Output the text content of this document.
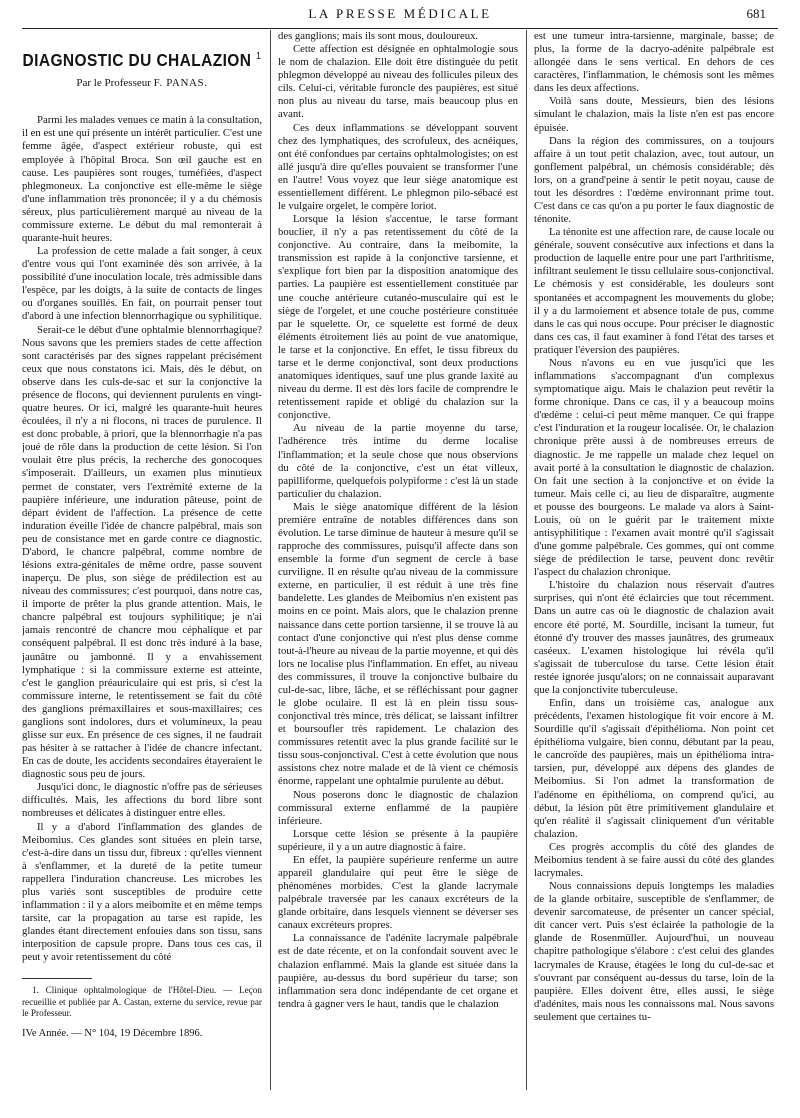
LA PRESSE MÉDICALE	681
DIAGNOSTIC DU CHALAZION $^1$
Par le Professeur F. PANAS.

Parmi les malades venues ce matin à la consultation, il en est une qui présente un intérêt particulier. C'est une femme âgée, d'aspect extérieur robuste, qui est employée à l'hôpital Broca. Son œil gauche est en cause. Les paupières sont rouges, tuméfiées, d'aspect phlegmoneux. La conjonctive est elle-même le siège d'une inflammation très prononcée; il y a du chémosis séreux, plus particulièrement marqué au niveau de la commissure externe. Le début du mal remonterait à quarante-huit heures.

La profession de cette malade a fait songer, à ceux d'entre vous qui l'ont examinée dès son arrivée, à la possibilité d'une inoculation locale, très admissible dans l'espèce, par les doigts, à la suite de contacts de linges ou d'organes souillés. En fait, on pourrait penser tout d'abord à une infection blennorrhagique ou syphilitique.

Serait-ce le début d'une ophtalmie blennorrhagique? Nous savons que les premiers stades de cette affection sont caractérisés par des signes rappelant précisément ceux que nous constatons ici. Mais, dès le début, on observe dans les culs-de-sac et sur la conjonctive la présence de flocons, qui deviennent purulents en vingt-quatre heures. Or ici, malgré les quarante-huit heures écoulées, il n'y a ni flocons, ni traces de purulence. Il est donc probable, à priori, que la blennorrhagie n'a pas joué de rôle dans la production de cette lésion. Si l'on voulait être plus précis, la recherche des gonocoques s'imposerait. D'ailleurs, un examen plus minutieux permet de constater, vers l'extrémité externe de la paupière inférieure, une induration pâteuse, point de départ évident de l'affection. La présence de cette induration éveille l'idée de chancre palpébral, mais son peu de consistance met en garde contre ce diagnostic. D'abord, le chancre palpébral, comme nombre de lésions extra-génitales de même ordre, passe souvent inaperçu. De plus, son siège de prédilection est au niveau des commissures; c'est pourquoi, dans notre cas, il importe de prêter la plus grande attention. Mais, le chancre palpébral est toujours syphilitique; je n'ai jamais rencontré de chancre mou céphalique et par conséquent palpébral. Il est donc très induré à la base, jaunâtre ou jambonné. Il y a envahissement lymphatique : si la commissure externe est atteinte, c'est le ganglion préauriculaire qui est pris, si c'est la commissure interne, le retentissement se fait du côté des ganglions prémaxillaires et sous-maxillaires; ces ganglions sont indolores, durs et volumineux, la peau glisse sur eux. En présence de ces signes, il ne faudrait pas hésiter à se rattacher à l'idée de chancre infectant. En cas de doute, les accidents secondaires étayeraient le diagnostic sous peu de jours.

Jusqu'ici donc, le diagnostic n'offre pas de sérieuses difficultés. Mais, les affections du bord libre sont nombreuses et délicates à distinguer entre elles.

Il y a d'abord l'inflammation des glandes de Meibomius. Ces glandes sont situées en plein tarse, c'est-à-dire dans un tissu dur, fibreux : qu'elles viennent à s'enflammer, et la dureté de la petite tumeur rappellera l'induration chancreuse. Les microbes les plus variés sont susceptibles de produire cette inflammation : il y a alors meibomite et en même temps tarsite, car la propagation au tarse est rapide, les glandes étant directement enfouies dans son tissu, sans interposition de capsule propre. Dans tous ces cas, il peut y avoir retentissement du côté

1. Clinique ophtalmologique de l'Hôtel-Dieu. — Leçon recueillie et publiée par A. Castan, externe du service, revue par le Professeur.
IVe Année. — N° 104, 19 Décembre 1896.

des ganglions; mais ils sont mous, douloureux.

Cette affection est désignée en ophtalmologie sous le nom de chalazion. Elle doit être distinguée du petit phlegmon développé au niveau des follicules pileux des cils. Celui-ci, véritable furoncle des paupières, est situé non plus au niveau du tarse, mais beaucoup plus en avant.

Ces deux inflammations se développant souvent chez des lymphatiques, des scrofuleux, des acnéiques, ont été confondues par certains ophtalmologistes; on est allé jusqu'à dire qu'elles pouvaient se transformer l'une en l'autre! Vous voyez que leur siège anatomique est essentiellement différent. Le phlegmon pilo-sébacé est le vulgaire orgelet, le compère loriot.

Lorsque la lésion s'accentue, le tarse formant bouclier, il n'y a pas retentissement du côté de la conjonctive. Au contraire, dans la meibomite, la transmission est rapide à la conjonctive tarsienne, et s'explique fort bien par la disposition anatomique des parties. La paupière est essentiellement constituée par une couche antérieure cutanéo-musculaire qui est le siège de l'orgelet, et une couche postérieure constituée par le squelette. Or, ce squelette est formé de deux éléments étroitement liés au point de vue anatomique, le tarse et la conjonctive. En effet, le tissu fibreux du tarse et le derme conjonctival, sont deux productions anatomiques identiques, sauf une plus grande laxité au niveau du derme. Il est dès lors facile de comprendre le retentissement rapide et obligé du chalazion sur la conjonctive.

Au niveau de la partie moyenne du tarse, l'adhérence très intime du derme localise l'inflammation; et la seule chose que nous observions du côté de la conjonctive, c'est un état villeux, papilliforme, quelquefois polypiforme : c'est là un stade particulier du chalazion.

Mais le siège anatomique différent de la lésion première entraîne de notables différences dans son évolution. Le tarse diminue de hauteur à mesure qu'il se rapproche des commissures, puisqu'il affecte dans son ensemble la forme d'un segment de cercle à base curviligne. Il en résulte qu'au niveau de la commissure externe, en particulier, il est réduit à une très fine bandelette. Les glandes de Meibomius n'en existent pas moins en ce point. Mais alors, que le chalazion prenne naissance dans cette portion tarsienne, il se trouve là au contact d'une conjonctive qui n'est plus dense comme tout-à-l'heure au niveau de la partie moyenne, et qui dès lors ne localise plus l'inflammation. En effet, au niveau des commissures, il trouve la conjonctive bulbaire du cul-de-sac, libre, lâche, et se réfléchissant pour gagner le globe oculaire. Il est là en plein tissu sous-conjonctival très mince, très délicat, se laissant infiltrer et boursoufler très rapidement. Le chalazion des commissures retentit avec la plus grande facilité sur le tissu sous-conjonctival. C'est à cette évolution que nous assistons chez notre malade et de là vient ce chémosis énorme, rappelant une ophtalmie purulente au début.

Nous poserons donc le diagnostic de chalazion commissural externe enflammé de la paupière inférieure.

Lorsque cette lésion se présente à la paupière supérieure, il y a un autre diagnostic à faire.

En effet, la paupière supérieure renferme un autre appareil glandulaire qui peut être le siège de phénomènes morbides. C'est la glande lacrymale palpébrale traversée par les canaux excréteurs de la glande orbitaire, dans lesquels viennent se déverser ses canaux excréteurs propres.

La connaissance de l'adénite lacrymale palpébrale est de date récente, et on la confondait souvent avec le chalazion enflammé. Mais la glande est située dans la paupière, au-dessus du bord supérieur du tarse; son inflammation sera donc indépendante de cet organe et tendra à gagner vers le haut, tandis que le chalazion

est une tumeur intra-tarsienne, marginale, basse; de plus, la forme de la dacryo-adénite palpébrale est allongée dans le sens vertical. En dehors de ces caractères, l'inflammation, le chémosis sont les mêmes dans les deux affections.

Voilà sans doute, Messieurs, bien des lésions simulant le chalazion, mais la liste n'en est pas encore épuisée.

Dans la région des commissures, on a toujours affaire à un tout petit chalazion, avec, tout autour, un gonflement palpébral, un chémosis considérable; dès lors, on a grand'peine à sentir le petit noyau, cause de tout les désordres : l'œdème environnant prime tout. C'est dans ce cas qu'on a pu porter le faux diagnostic de ténonite.

La ténonite est une affection rare, de cause locale ou générale, souvent consécutive aux infections et dans la production de laquelle entre pour une part l'arthritisme, infiltrant seulement le tissu cellulaire sous-conjonctival. Le chémosis y est considérable, les douleurs sont spontanées et accompagnent les mouvements du globe; il y a du larmoiement et absence totale de pus, comme dans le cas qui nous occupe. Pour préciser le diagnostic dans ces cas, il faut examiner à fond l'état des tarses et pratiquer l'éversion des paupières.

Nous n'avons eu en vue jusqu'ici que les inflammations s'accompagnant d'un complexus symptomatique aigu. Mais le chalazion peut revêtir la forme chronique. Dans ce cas, il y a beaucoup moins d'œdème : celui-ci peut même manquer. Ce qui frappe c'est l'induration et la rougeur localisée. Or, le chalazion chronique prête aussi à de nombreuses erreurs de diagnostic. Je me rappelle un malade chez lequel on avait porté à la consultation le diagnostic de chalazion. On fait une section à la conjonctive et on évide la tumeur. Mais celle ci, au lieu de disparaître, augmente et pousse des bourgeons. Le malade va alors à Saint-Louis, où on le guérit par le traitement mixte antisyphilitique : l'examen avait montré qu'il s'agissait d'une gomme palpébrale. Ces gommes, qui ont comme siège de prédilection le tarse, peuvent donc revêtir l'aspect du chalazion chronique.

L'histoire du chalazion nous réservait d'autres surprises, qui n'ont été éclaircies que tout récemment. Dans un autre cas où le diagnostic de chalazion avait encore été porté, M. Sourdille, incisant la tumeur, fut étonné d'y trouver des masses jaunâtres, des grumeaux caséeux. L'examen histologique lui révéla qu'il s'agissait de tuberculose du tarse. Cette lésion était restée ignorée jusqu'alors; on ne connaissait auparavant que la conjonctivite tuberculeuse.

Enfin, dans un troisième cas, analogue aux précédents, l'examen histologique fit voir encore à M. Sourdille qu'il s'agissait d'épithélioma. Non point cet épithélioma vulgaire, bien connu, débutant par la peau, le cancroïde des paupières, mais un épithélioma intra-tarsien, pur, développé aux dépens des glandes de Meibomius. Si l'on admet la transformation de l'adénome en épithélioma, on comprend qu'ici, au début, la lésion pût être primitivement glandulaire et qu'en réalité il s'agissait cliniquement d'un véritable chalazion.

Ces progrès accomplis du côté des glandes de Meibomius tendent à se faire aussi du côté des glandes lacrymales.

Nous connaissions depuis longtemps les maladies de la glande orbitaire, susceptible de s'enflammer, de devenir sarcomateuse, de présenter un cancer spécial, dit cancer vert. Puis s'est éclairée la pathologie de la glande de Rosenmüller. Aujourd'hui, un nouveau chapitre pathologique s'élabore : c'est celui des glandes lacrymales de Krause, étagées le long du cul-de-sac et s'ouvrant par conséquent au-dessus du tarse, loin de la paupière. Elles doivent être, elles aussi, le siège d'adénites, mais nous les connaissons mal. Nous savons seulement que certaines tu-
